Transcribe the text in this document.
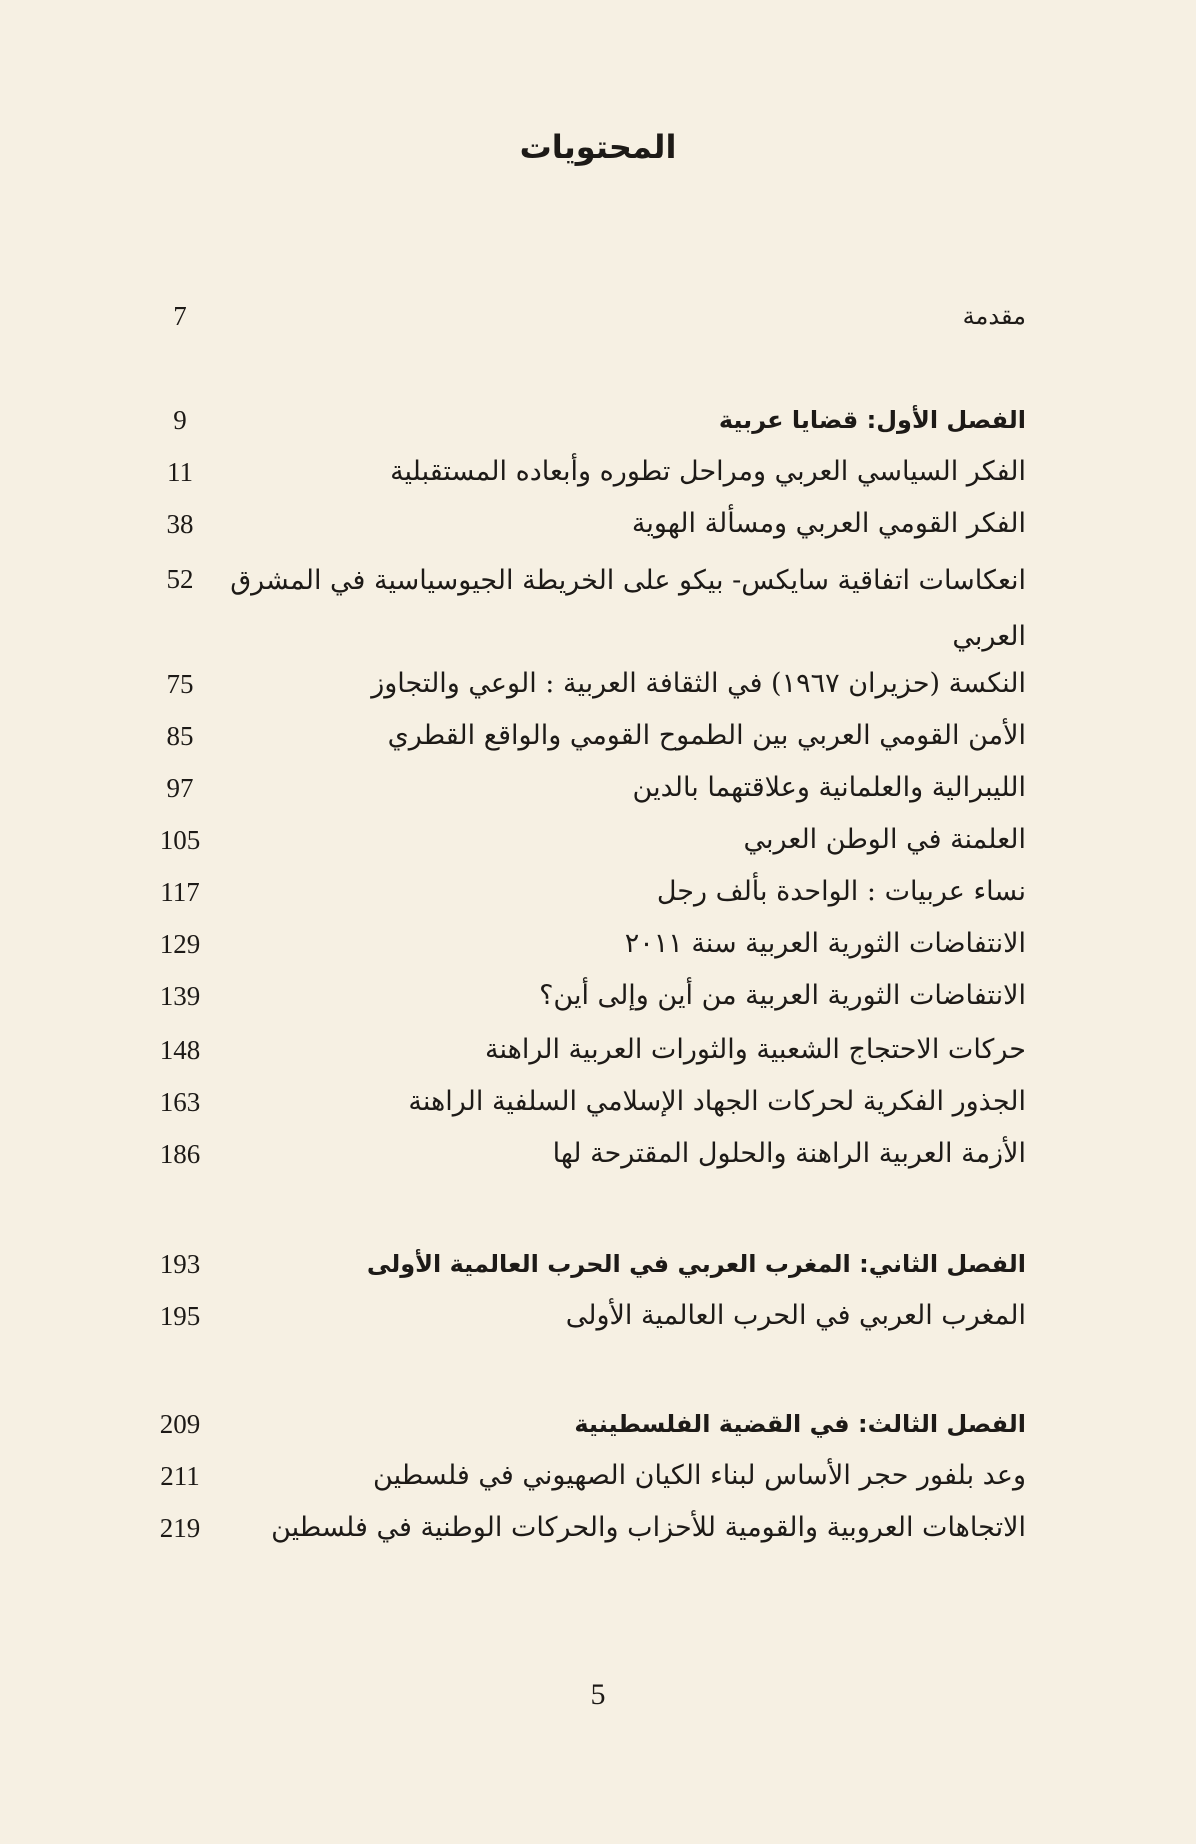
المحتويات
مقدمة
7
الفصل الأول: قضايا عربية
9
الفكر السياسي العربي ومراحل تطوره وأبعاده المستقبلية
11
الفكر القومي العربي ومسألة الهوية
38
انعكاسات اتفاقية سايكس- بيكو على الخريطة الجيوسياسية في المشرق العربي
52
النكسة (حزيران ١٩٦٧) في الثقافة العربية : الوعي والتجاوز
75
الأمن القومي العربي بين الطموح القومي والواقع القطري
85
الليبرالية والعلمانية وعلاقتهما بالدين
97
العلمنة في الوطن العربي
105
نساء عربيات : الواحدة بألف رجل
117
الانتفاضات الثورية العربية سنة ٢٠١١
129
الانتفاضات الثورية العربية من أين وإلى أين؟
139
حركات الاحتجاج الشعبية والثورات العربية الراهنة
148
الجذور الفكرية لحركات الجهاد الإسلامي السلفية الراهنة
163
الأزمة العربية الراهنة والحلول المقترحة لها
186
الفصل الثاني: المغرب العربي في الحرب العالمية الأولى
193
المغرب العربي في الحرب العالمية الأولى
195
الفصل الثالث: في القضية الفلسطينية
209
وعد بلفور حجر الأساس لبناء الكيان الصهيوني في فلسطين
211
الاتجاهات العروبية والقومية للأحزاب والحركات الوطنية في فلسطين
219
5
